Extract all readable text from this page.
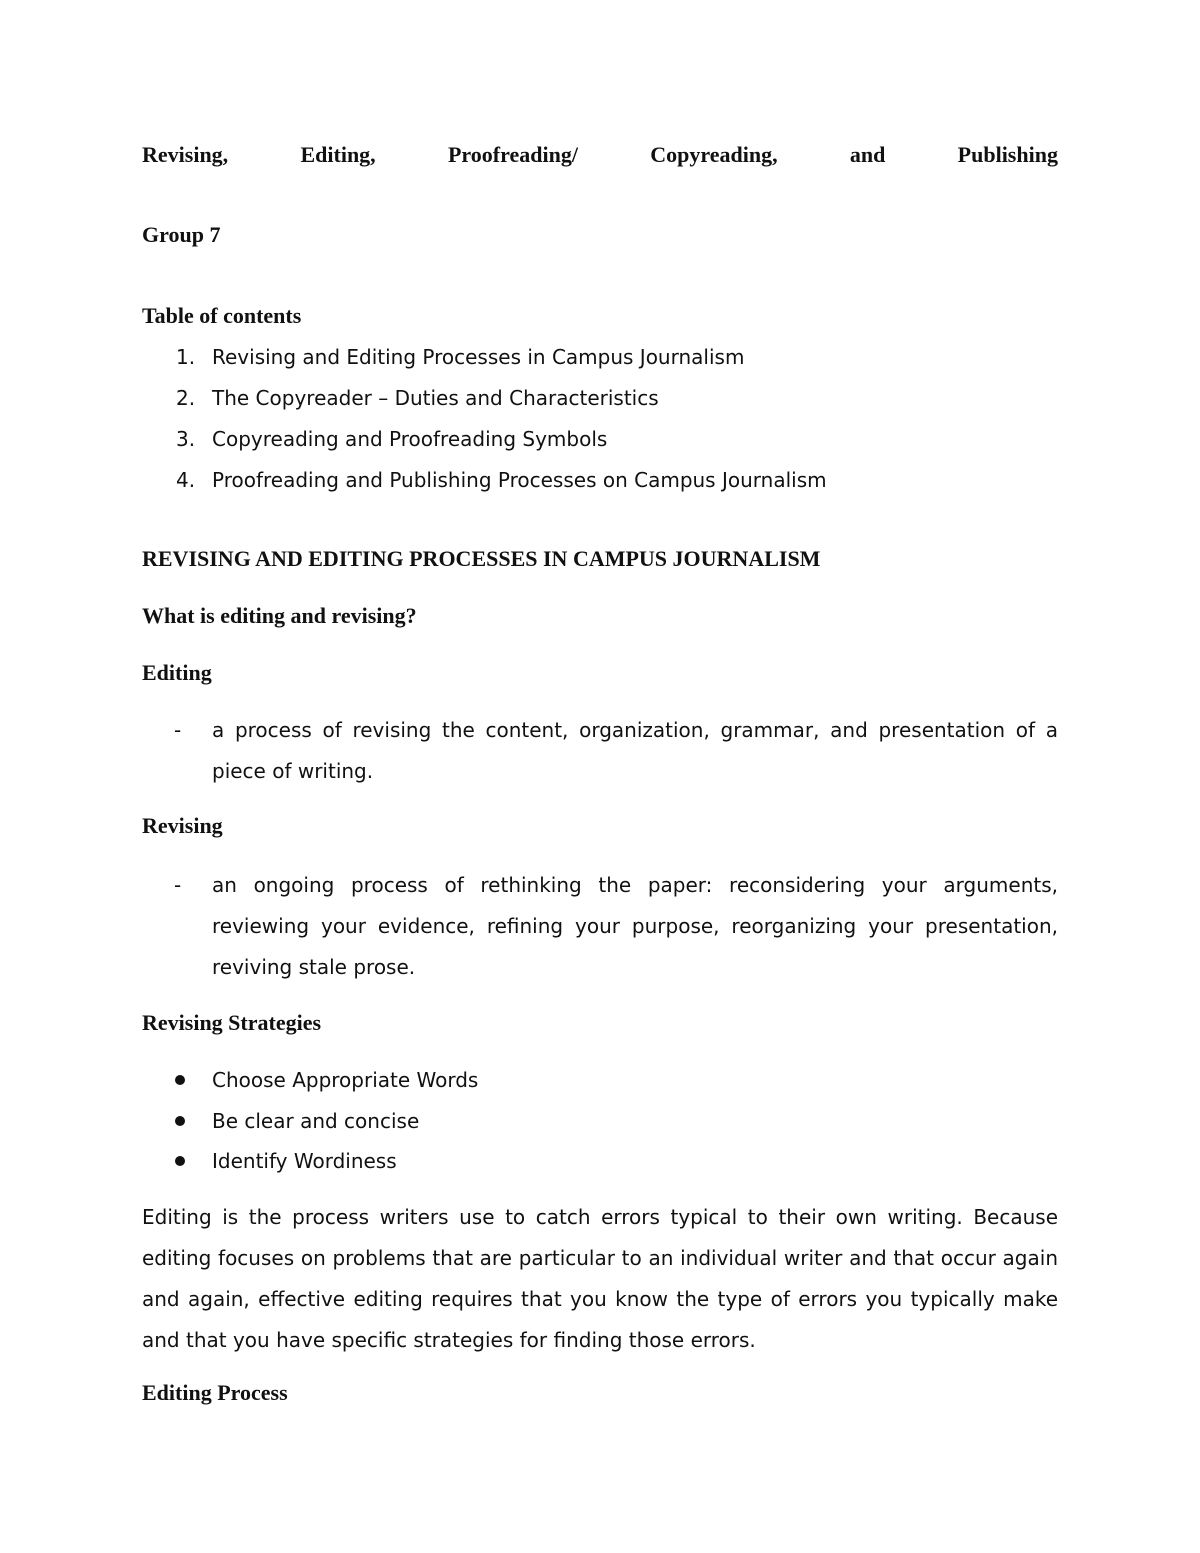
Revising,	Editing,	Proofreading/	Copyreading,	and	Publishing
Group 7
Table of contents
1. Revising and Editing Processes in Campus Journalism
2. The Copyreader – Duties and Characteristics
3. Copyreading and Proofreading Symbols
4. Proofreading and Publishing Processes on Campus Journalism
REVISING AND EDITING PROCESSES IN CAMPUS JOURNALISM
What is editing and revising?
Editing
-	a process of revising the content, organization, grammar, and presentation of a piece of writing.
Revising
-	an ongoing process of rethinking the paper: reconsidering your arguments, reviewing your evidence, refining your purpose, reorganizing your presentation, reviving stale prose.
Revising Strategies
Choose Appropriate Words
Be clear and concise
Identify Wordiness
Editing is the process writers use to catch errors typical to their own writing. Because editing focuses on problems that are particular to an individual writer and that occur again and again, effective editing requires that you know the type of errors you typically make and that you have specific strategies for finding those errors.
Editing Process
